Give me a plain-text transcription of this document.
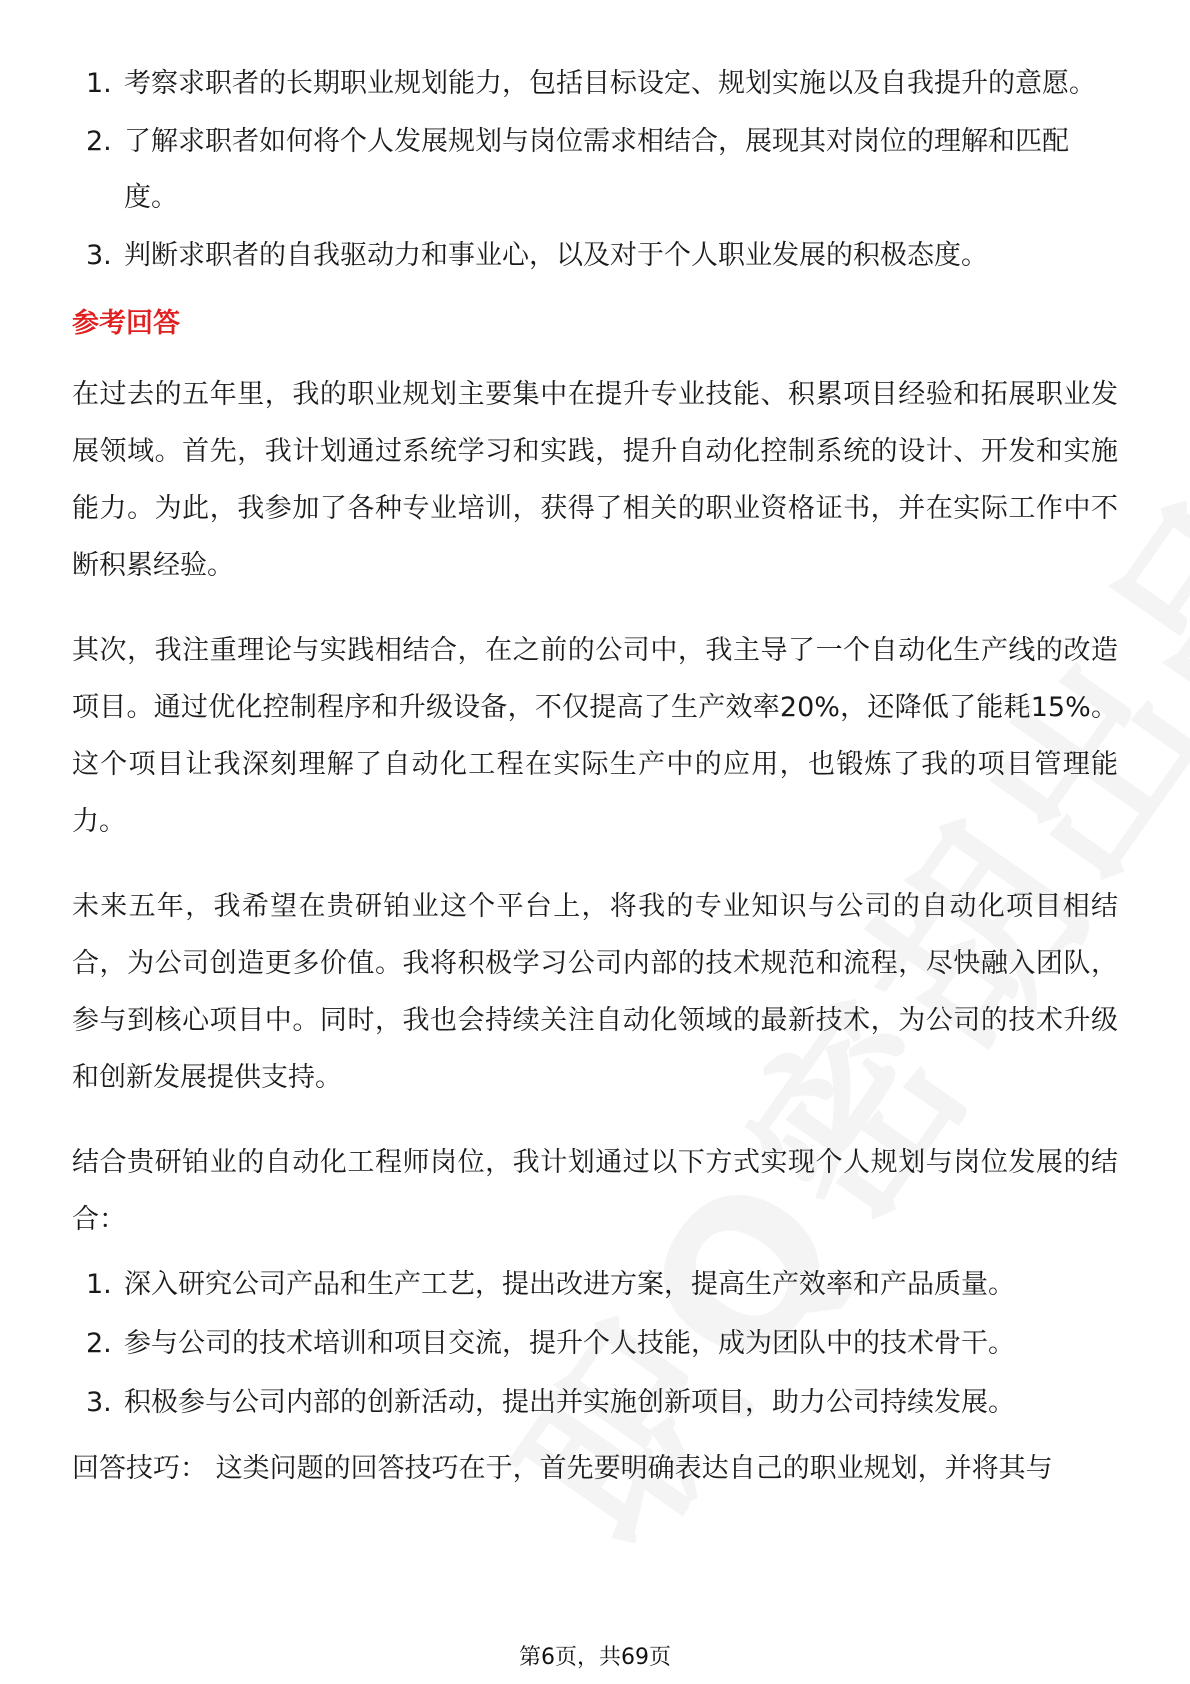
1. 考察求职者的长期职业规划能力，包括目标设定、规划实施以及自我提升的意愿。
2. 了解求职者如何将个人发展规划与岗位需求相结合，展现其对岗位的理解和匹配度。
3. 判断求职者的自我驱动力和事业心，以及对于个人职业发展的积极态度。
参考回答

在过去的五年里，我的职业规划主要集中在提升专业技能、积累项目经验和拓展职业发展领域。首先，我计划通过系统学习和实践，提升自动化控制系统的设计、开发和实施能力。为此，我参加了各种专业培训，获得了相关的职业资格证书，并在实际工作中不断积累经验。

其次，我注重理论与实践相结合，在之前的公司中，我主导了一个自动化生产线的改造项目。通过优化控制程序和升级设备，不仅提高了生产效率20%，还降低了能耗15%。这个项目让我深刻理解了自动化工程在实际生产中的应用，也锻炼了我的项目管理能力。

未来五年，我希望在贵研铂业这个平台上，将我的专业知识与公司的自动化项目相结合，为公司创造更多价值。我将积极学习公司内部的技术规范和流程，尽快融入团队，参与到核心项目中。同时，我也会持续关注自动化领域的最新技术，为公司的技术升级和创新发展提供支持。

结合贵研铂业的自动化工程师岗位，我计划通过以下方式实现个人规划与岗位发展的结合：

1. 深入研究公司产品和生产工艺，提出改进方案，提高生产效率和产品质量。
2. 参与公司的技术培训和项目交流，提升个人技能，成为团队中的技术骨干。
3. 积极参与公司内部的创新活动，提出并实施创新项目，助力公司持续发展。
回答技巧： 这类问题的回答技巧在于，首先要明确表达自己的职业规划，并将其与
第6页，共69页
